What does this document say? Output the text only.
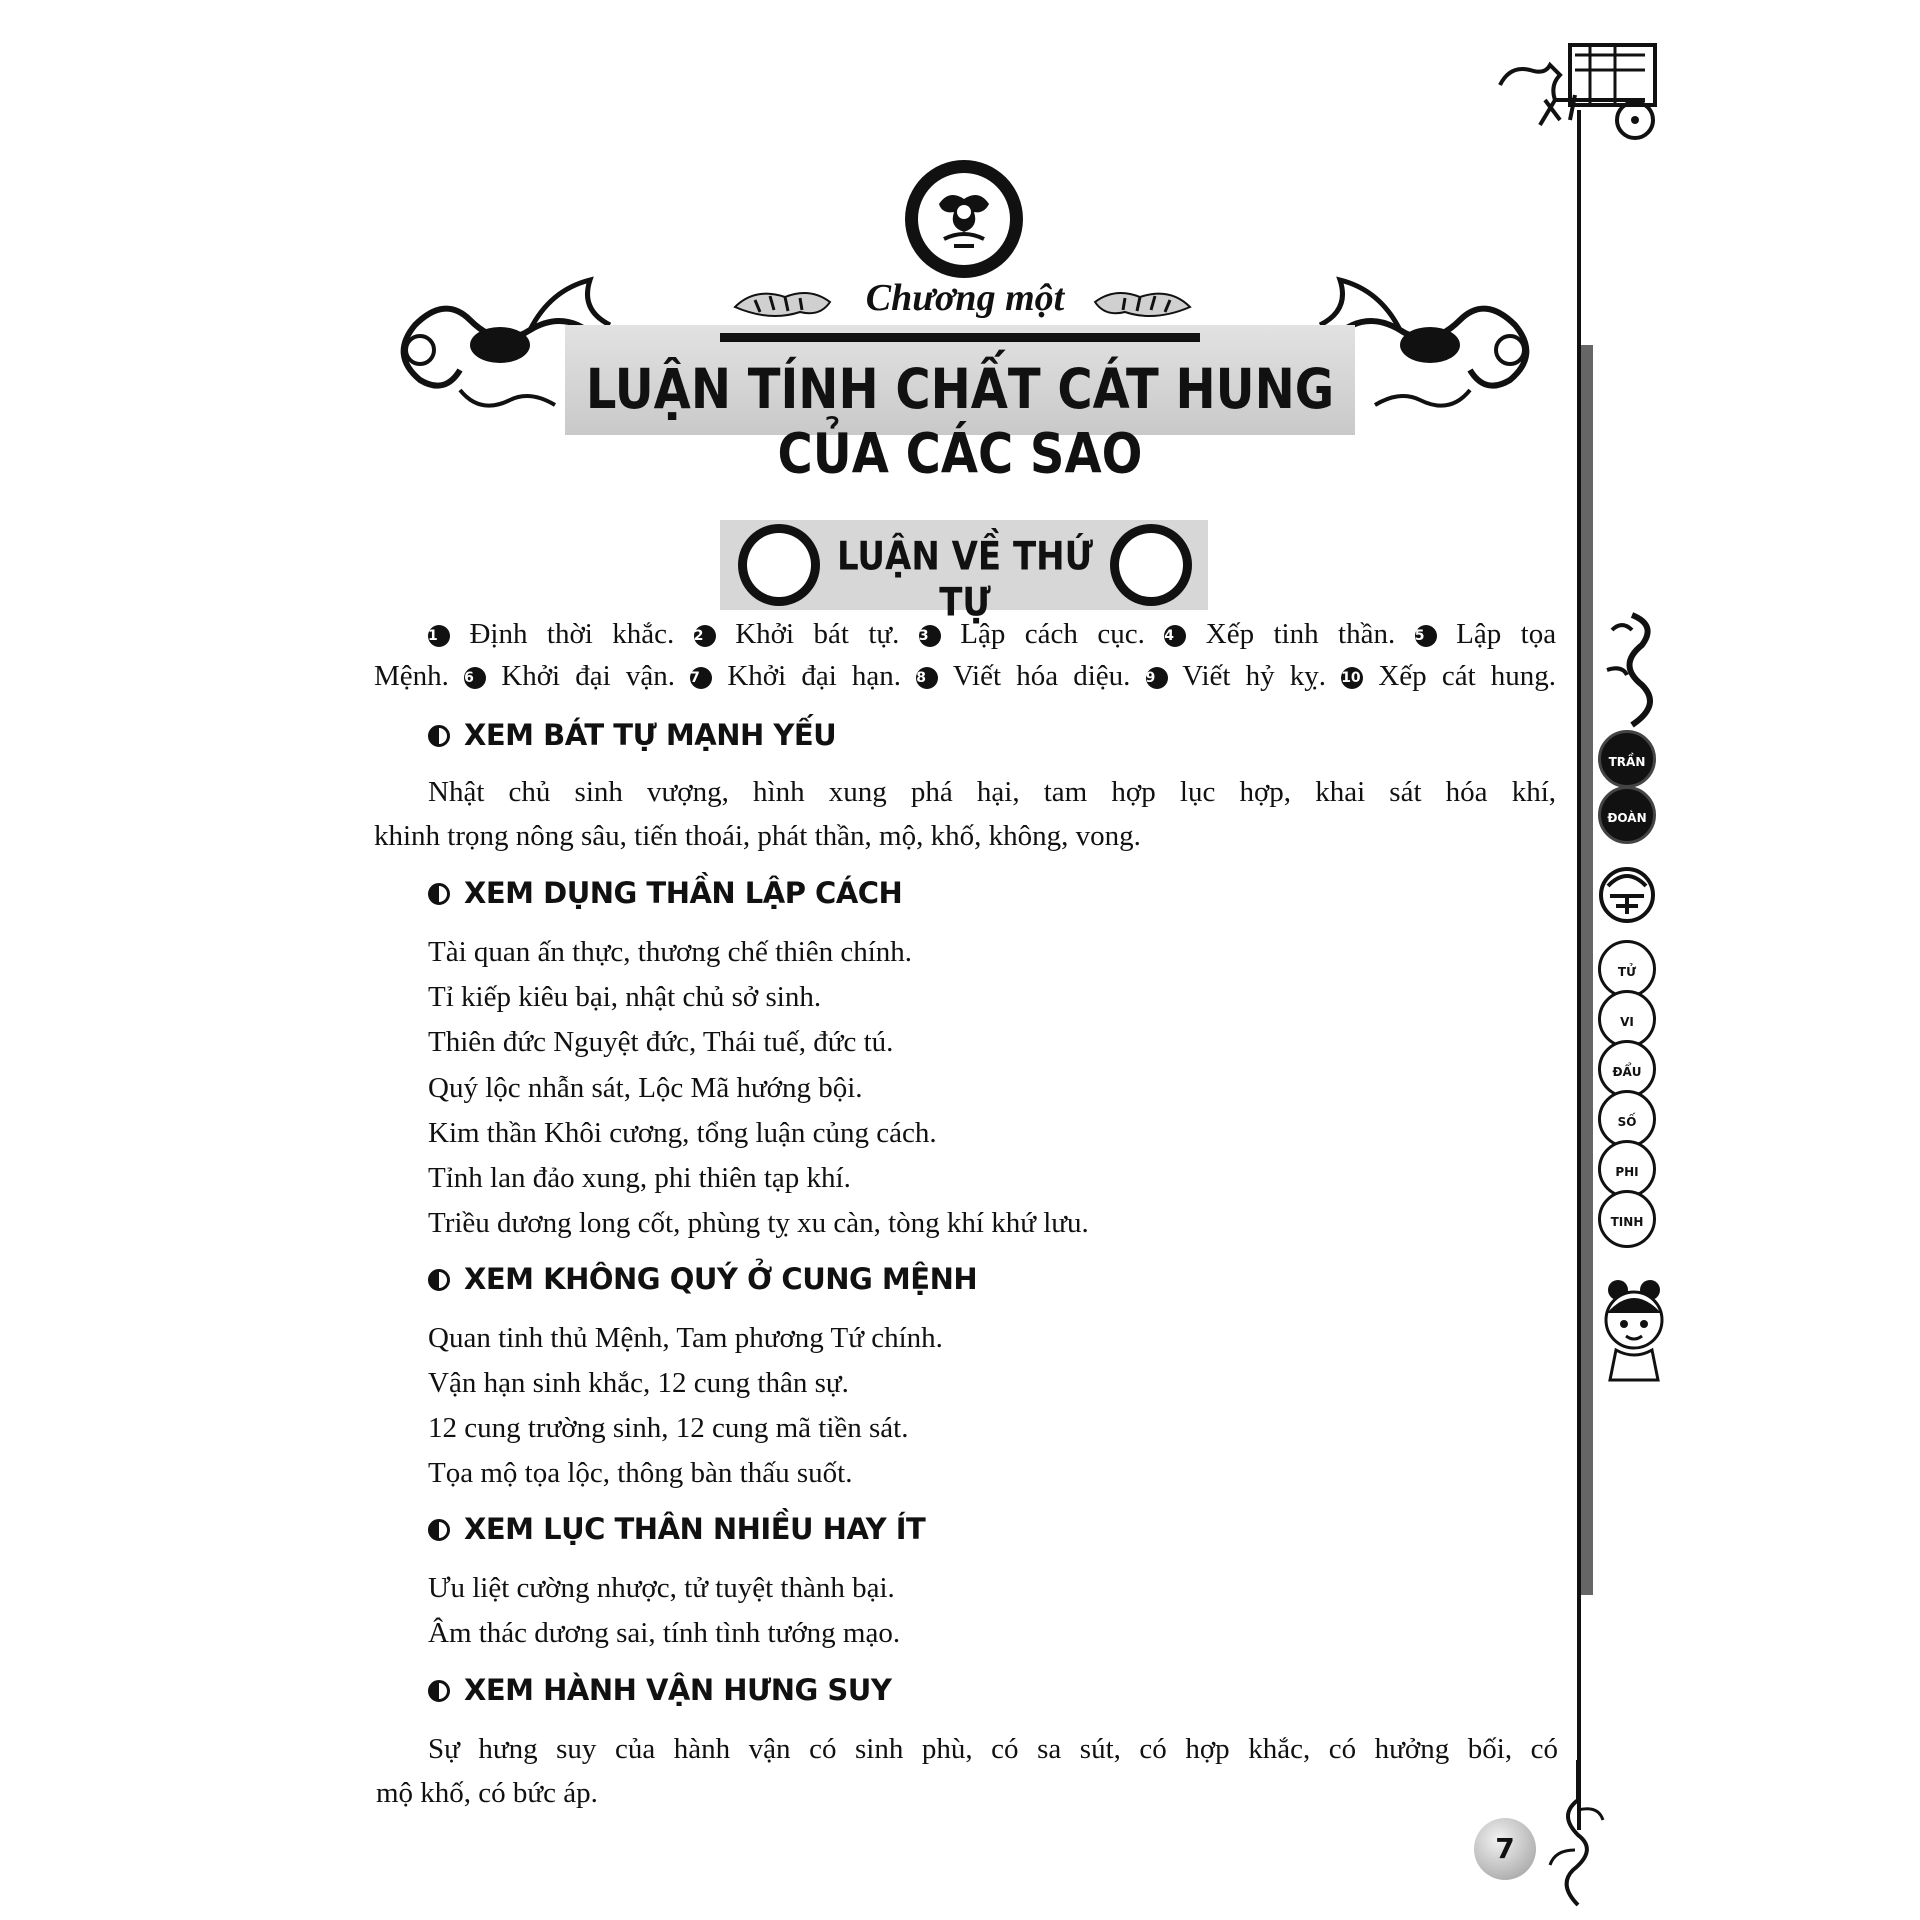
Chương một
LUẬN TÍNH CHẤT CÁT HUNG CỦA CÁC SAO
LUẬN VỀ THỨ TỰ
1 Định thời khắc. 2 Khởi bát tự. 3 Lập cách cục. 4 Xếp tinh thần. 5 Lập tọa
Mệnh. 6 Khởi đại vận. 7 Khởi đại hạn. 8 Viết hóa diệu. 9 Viết hỷ kỵ. 10 Xếp cát hung.
XEM BÁT TỰ MẠNH YẾU
Nhật chủ sinh vượng, hình xung phá hại, tam hợp lục hợp, khai sát hóa khí,
khinh trọng nông sâu, tiến thoái, phát thần, mộ, khố, không, vong.
XEM DỤNG THẦN LẬP CÁCH
Tài quan ấn thực, thương chế thiên chính.
Tỉ kiếp kiêu bại, nhật chủ sở sinh.
Thiên đức Nguyệt đức, Thái tuế, đức tú.
Quý lộc nhẫn sát, Lộc Mã hướng bội.
Kim thần Khôi cương, tổng luận củng cách.
Tỉnh lan đảo xung, phi thiên tạp khí.
Triều dương long cốt, phùng tỵ xu càn, tòng khí khứ lưu.
XEM KHÔNG QUÝ Ở CUNG MỆNH
Quan tinh thủ Mệnh, Tam phương Tứ chính.
Vận hạn sinh khắc, 12 cung thân sự.
12 cung trường sinh, 12 cung mã tiền sát.
Tọa mộ tọa lộc, thông bàn thấu suốt.
XEM LỤC THÂN NHIỀU HAY ÍT
Ưu liệt cường nhược, tử tuyệt thành bại.
Âm thác dương sai, tính tình tướng mạo.
XEM HÀNH VẬN HƯNG SUY
Sự hưng suy của hành vận có sinh phù, có sa sút, có hợp khắc, có hưởng bối, có
mộ khố, có bức áp.
TRẦN
ĐOÀN
TỬ
VI
ĐẨU
SỐ
PHI
TINH
7
